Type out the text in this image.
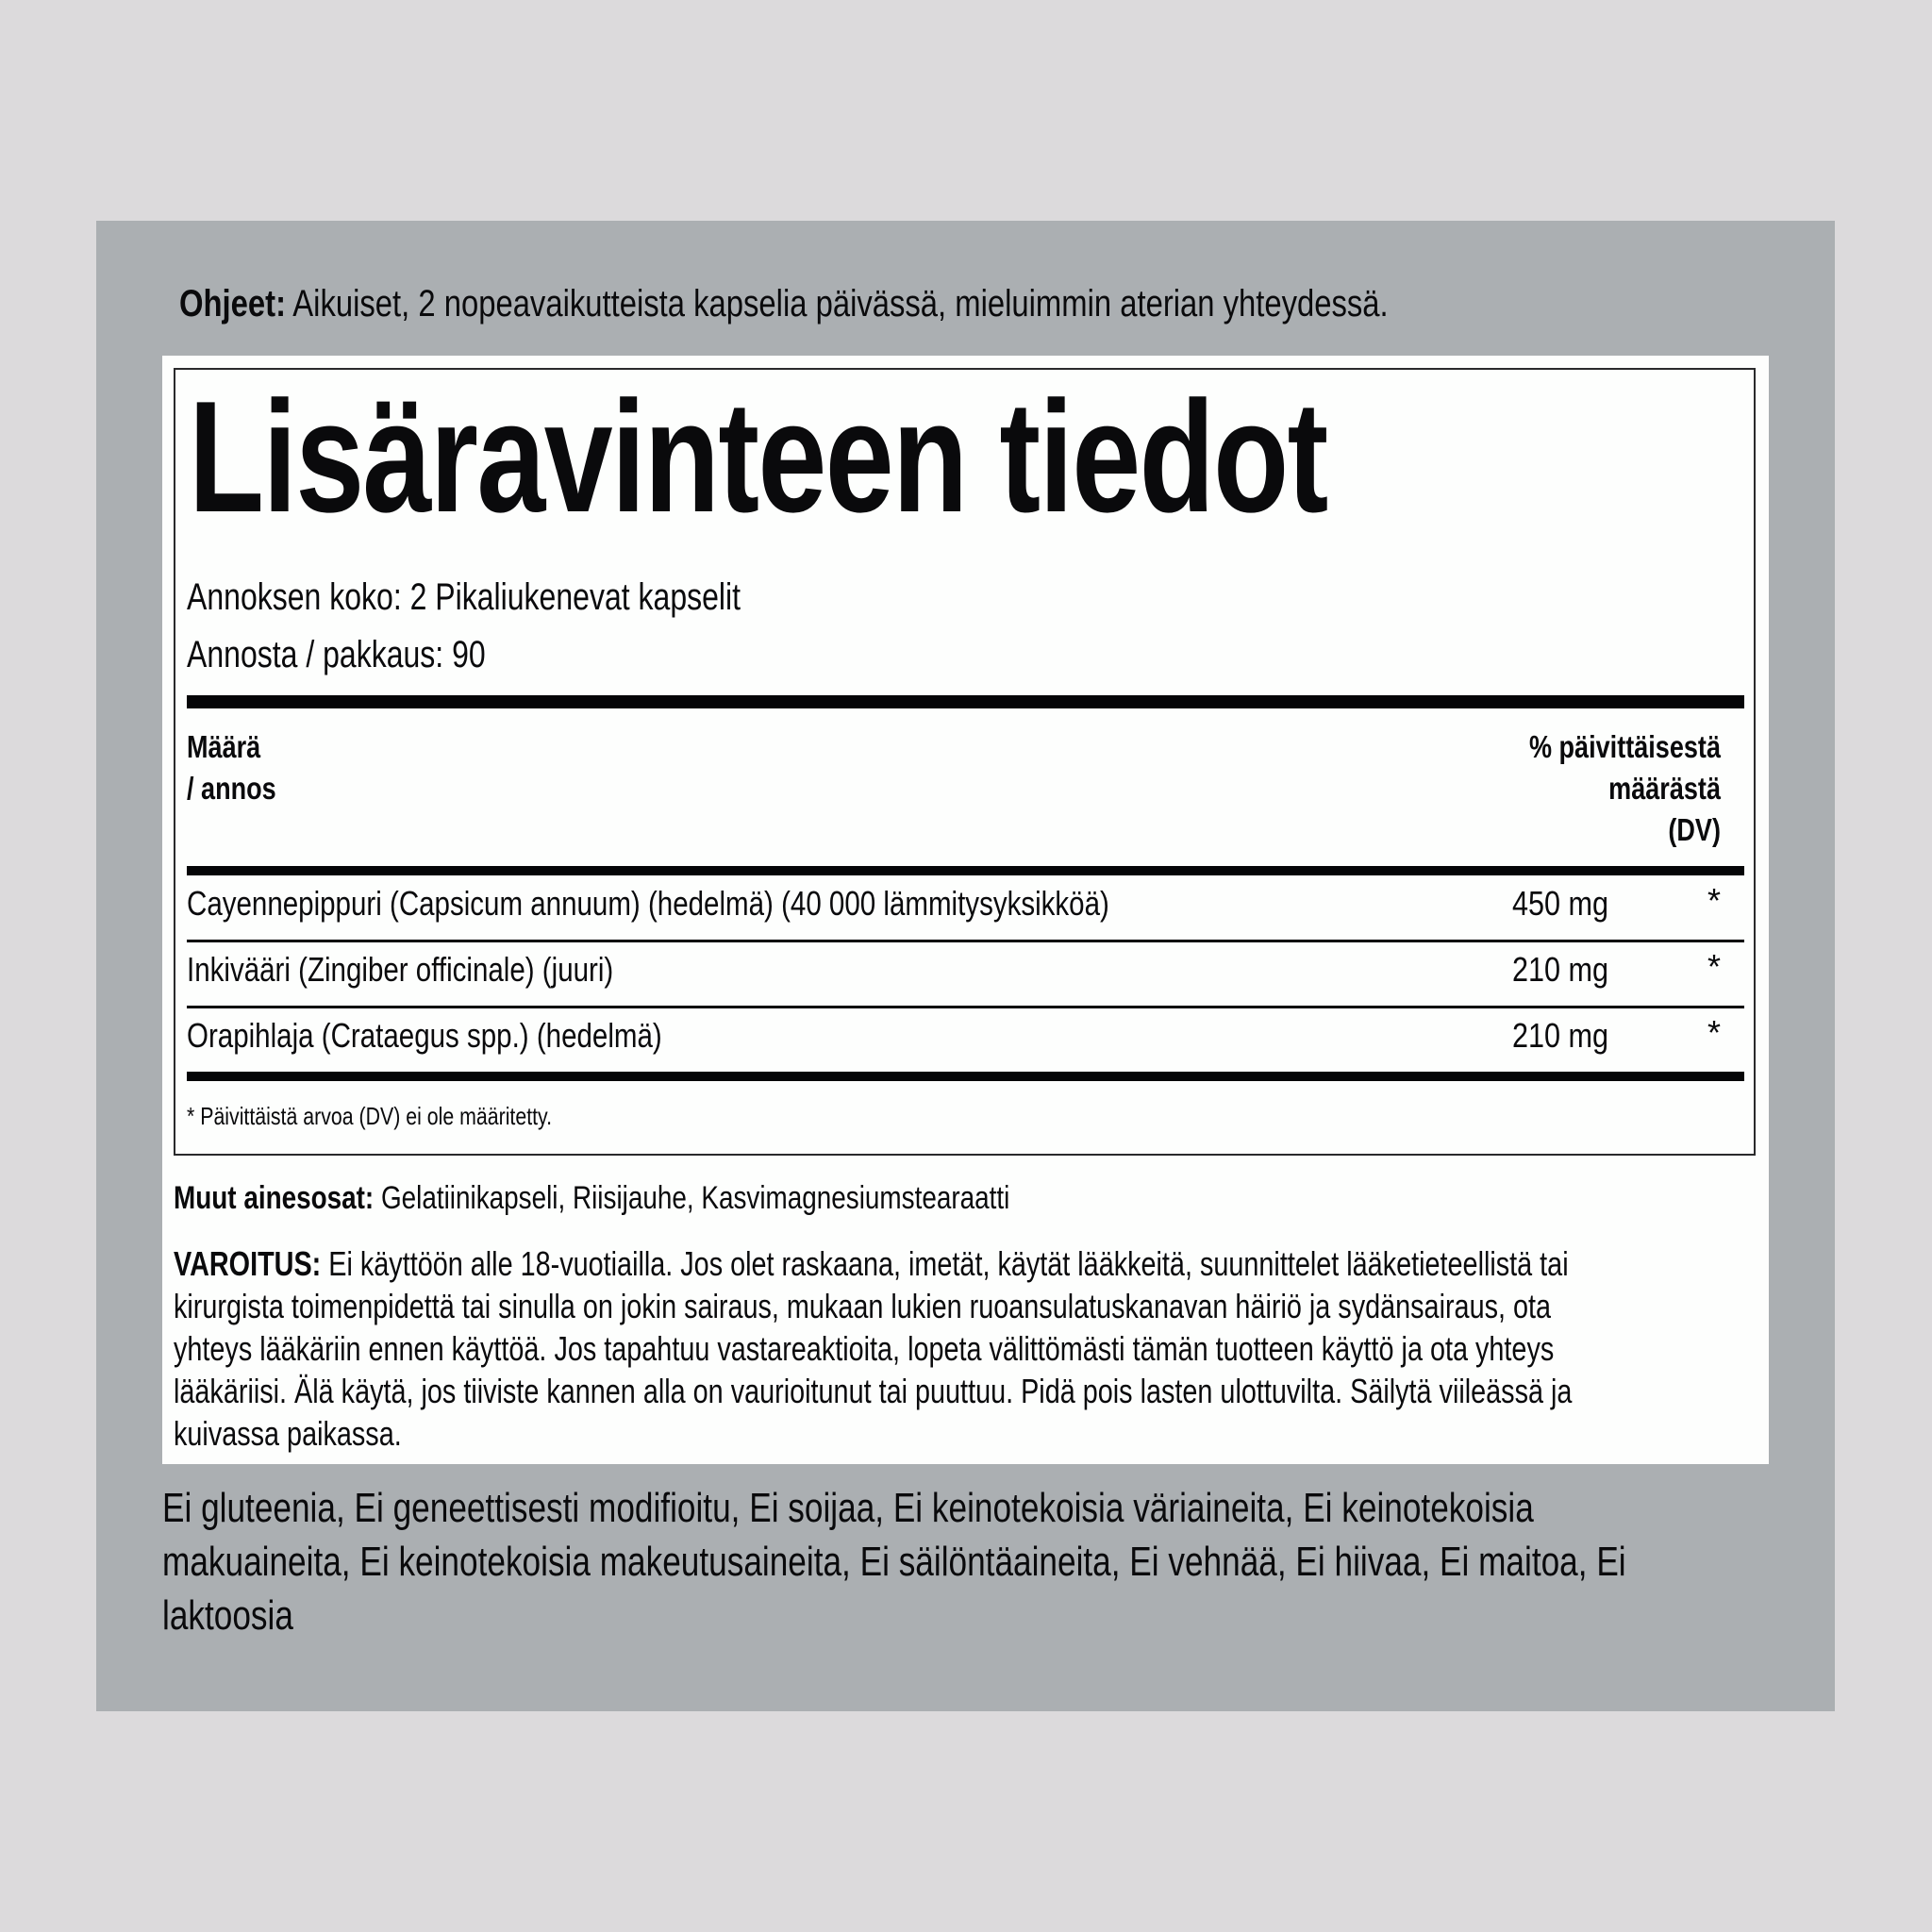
Ohjeet: Aikuiset, 2 nopeavaikutteista kapselia päivässä, mieluimmin aterian yhteydessä.
Lisäravinteen tiedot
Annoksen koko: 2 Pikaliukenevat kapselit
Annosta / pakkaus: 90
Määrä
/ annos
% päivittäisestä
määrästä
(DV)
Cayennepippuri (Capsicum annuum) (hedelmä) (40 000 lämmitysyksikköä)	450 mg	*
Inkivääri (Zingiber officinale) (juuri)	210 mg	*
Orapihlaja (Crataegus spp.) (hedelmä)	210 mg	*
* Päivittäistä arvoa (DV) ei ole määritetty.
Muut ainesosat: Gelatiinikapseli, Riisijauhe, Kasvimagnesiumstearaatti
VAROITUS: Ei käyttöön alle 18-vuotiailla. Jos olet raskaana, imetät, käytät lääkkeitä, suunnittelet lääketieteellistä tai
kirurgista toimenpidettä tai sinulla on jokin sairaus, mukaan lukien ruoansulatuskanavan häiriö ja sydänsairaus, ota
yhteys lääkäriin ennen käyttöä. Jos tapahtuu vastareaktioita, lopeta välittömästi tämän tuotteen käyttö ja ota yhteys
lääkäriisi. Älä käytä, jos tiiviste kannen alla on vaurioitunut tai puuttuu. Pidä pois lasten ulottuvilta. Säilytä viileässä ja
kuivassa paikassa.
Ei gluteenia, Ei geneettisesti modifioitu, Ei soijaa, Ei keinotekoisia väriaineita, Ei keinotekoisia
makuaineita, Ei keinotekoisia makeutusaineita, Ei säilöntäaineita, Ei vehnää, Ei hiivaa, Ei maitoa, Ei
laktoosia
